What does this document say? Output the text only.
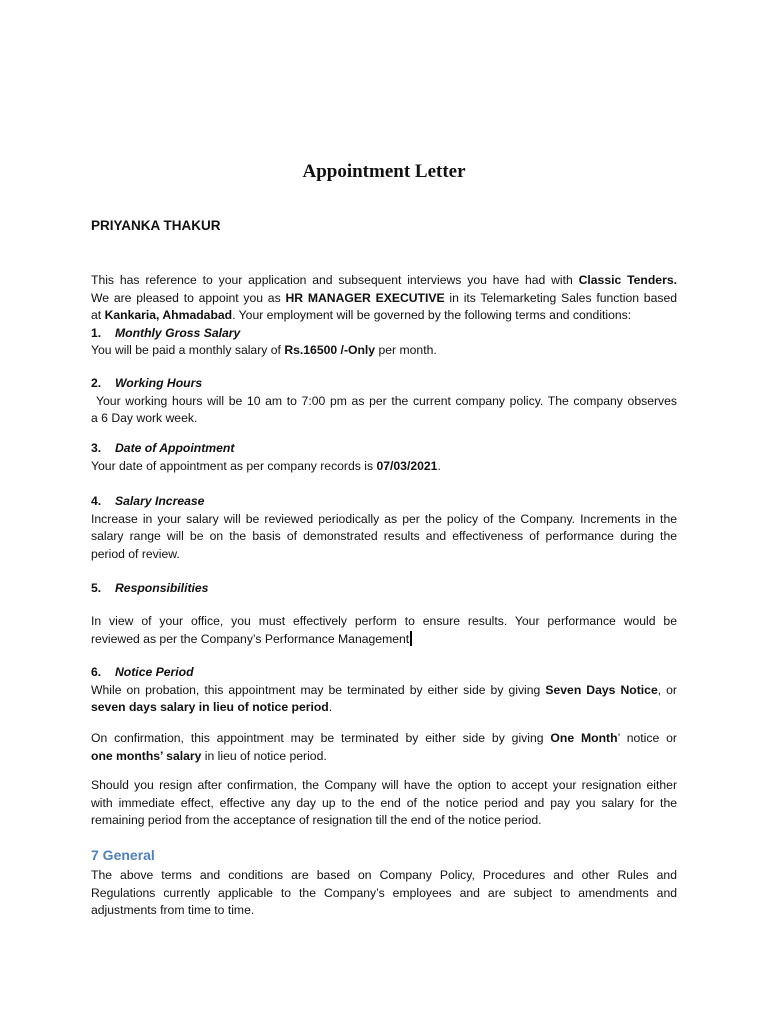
Appointment Letter
PRIYANKA THAKUR
This has reference to your application and subsequent interviews you have had with Classic Tenders.
We are pleased to appoint you as HR MANAGER EXECUTIVE in its Telemarketing Sales function based
at Kankaria, Ahmadabad. Your employment will be governed by the following terms and conditions:
1. Monthly Gross Salary
You will be paid a monthly salary of Rs.16500 /-Only per month.
2. Working Hours
Your working hours will be 10 am to 7:00 pm as per the current company policy. The company observes
a 6 Day work week.
3. Date of Appointment
Your date of appointment as per company records is 07/03/2021.
4. Salary Increase
Increase in your salary will be reviewed periodically as per the policy of the Company. Increments in the
salary range will be on the basis of demonstrated results and effectiveness of performance during the
period of review.
5. Responsibilities
In view of your office, you must effectively perform to ensure results. Your performance would be
reviewed as per the Company’s Performance Management
6. Notice Period
While on probation, this appointment may be terminated by either side by giving Seven Days Notice, or
seven days salary in lieu of notice period.
On confirmation, this appointment may be terminated by either side by giving One Month’ notice or
one months’ salary in lieu of notice period.
Should you resign after confirmation, the Company will have the option to accept your resignation either
with immediate effect, effective any day up to the end of the notice period and pay you salary for the
remaining period from the acceptance of resignation till the end of the notice period.
7 General
The above terms and conditions are based on Company Policy, Procedures and other Rules and
Regulations currently applicable to the Company’s employees and are subject to amendments and
adjustments from time to time.
